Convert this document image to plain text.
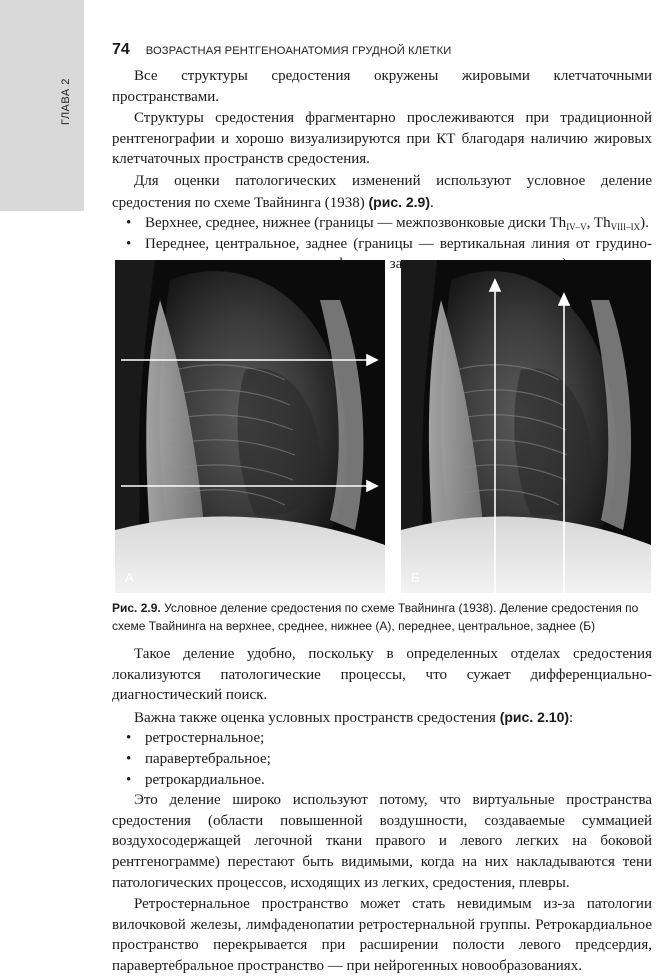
ГЛАВА 2
74 ВОЗРАСТНАЯ РЕНТГЕНОАНАТОМИЯ ГРУДНОЙ КЛЕТКИ

Все структуры средостения окружены жировыми клетчаточными пространствами.

Структуры средостения фрагментарно прослеживаются при традиционной рентгенографии и хорошо визуализируются при КТ благодаря наличию жировых клетчаточных пространств средостения.

Для оценки патологических изменений используют условное деление средостения по схеме Твайнинга (1938) (рис. 2.9).

• Верхнее, среднее, нижнее (границы — межпозвонковые диски $Th_{IV-V}$, $Th_{VIII-IX}$).
• Переднее, центральное, заднее (границы — вертикальная линия от грудино-
А	Б
Рис. 2.9. Условное деление средостения по схеме Твайнинга (1938). Деление средостения по схеме Твайнинга на верхнее, среднее, нижнее (А), переднее, центральное, заднее (Б)

Такое деление удобно, поскольку в определенных отделах средостения локализуются патологические процессы, что сужает дифференциально-диагностический поиск.

Важна также оценка условных пространств средостения (рис. 2.10):

• ретростернальное;
• паравертебральное;
• ретрокардиальное.

Это деление широко используют потому, что виртуальные пространства средостения (области повышенной воздушности, создаваемые суммацией воздухосодержащей легочной ткани правого и левого легких на боковой рентгенограмме) перестают быть видимыми, когда на них накладываются тени патологических процессов, исходящих из легких, средостения, плевры.

Ретростернальное пространство может стать невидимым из-за патологии вилочковой железы, лимфаденопатии ретростернальной группы. Ретрокардиальное пространство перекрывается при расширении полости левого предсердия, паравертебральное пространство — при нейрогенных новообразованиях.
